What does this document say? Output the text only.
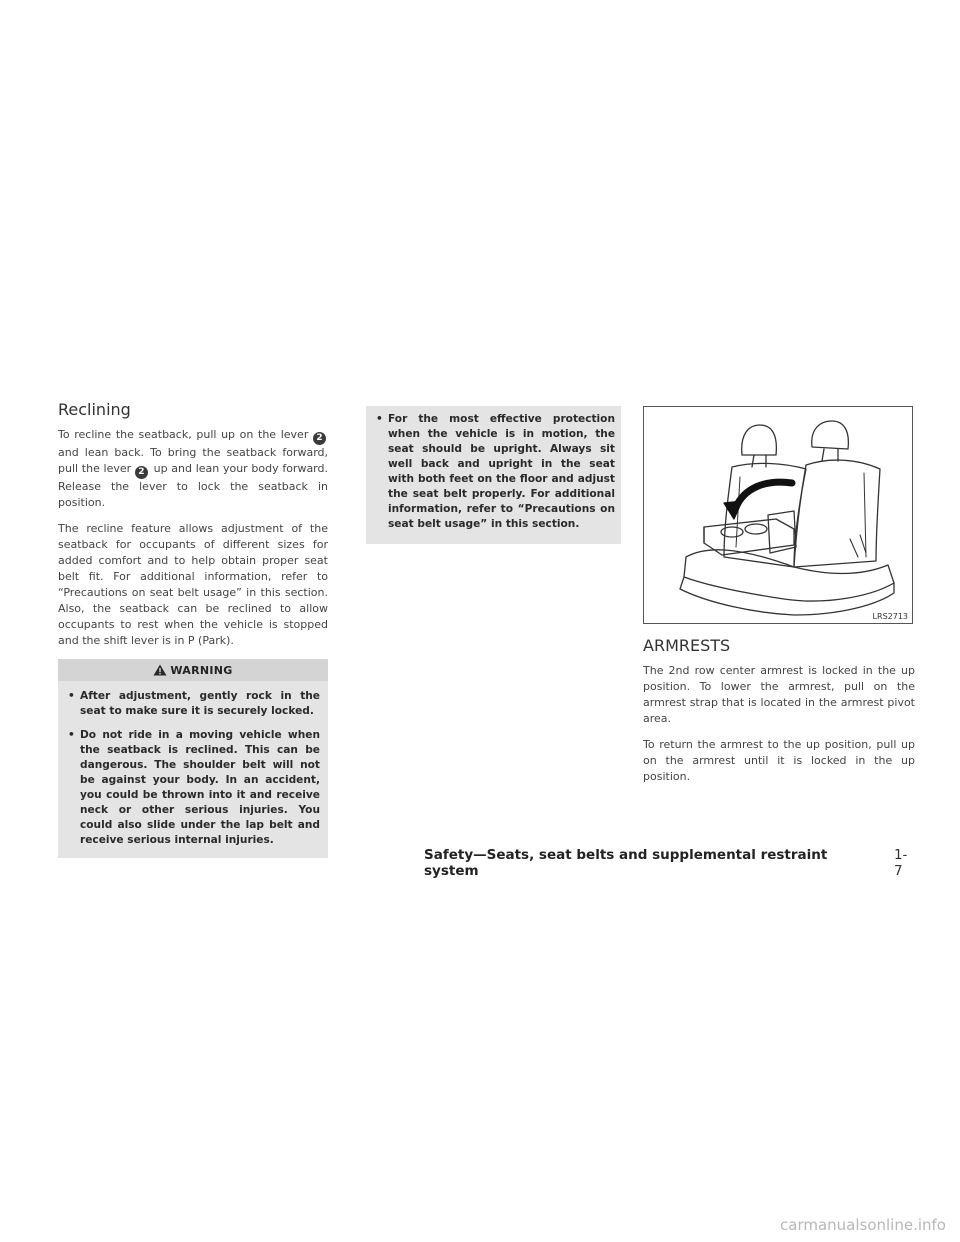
Reclining

To recline the seatback, pull up on the lever 2 and lean back. To bring the seatback forward, pull the lever 2 up and lean your body forward. Release the lever to lock the seatback in position.

The recline feature allows adjustment of the seatback for occupants of different sizes for added comfort and to help obtain proper seat belt fit. For additional information, refer to “Precautions on seat belt usage” in this section. Also, the seatback can be reclined to allow occupants to rest when the vehicle is stopped and the shift lever is in P (Park).

WARNING
• After adjustment, gently rock in the seat to make sure it is securely locked.
• Do not ride in a moving vehicle when the seatback is reclined. This can be dangerous. The shoulder belt will not be against your body. In an accident, you could be thrown into it and receive neck or other serious injuries. You could also slide under the lap belt and receive serious internal injuries.
• For the most effective protection when the vehicle is in motion, the seat should be upright. Always sit well back and upright in the seat with both feet on the floor and adjust the seat belt properly. For additional information, refer to “Precautions on seat belt usage” in this section.
LRS2713
ARMRESTS

The 2nd row center armrest is locked in the up position. To lower the armrest, pull on the armrest strap that is located in the armrest pivot area.

To return the armrest to the up position, pull up on the armrest until it is locked in the up position.

Safety—Seats, seat belts and supplemental restraint system
1-7
carmanualsonline.info
